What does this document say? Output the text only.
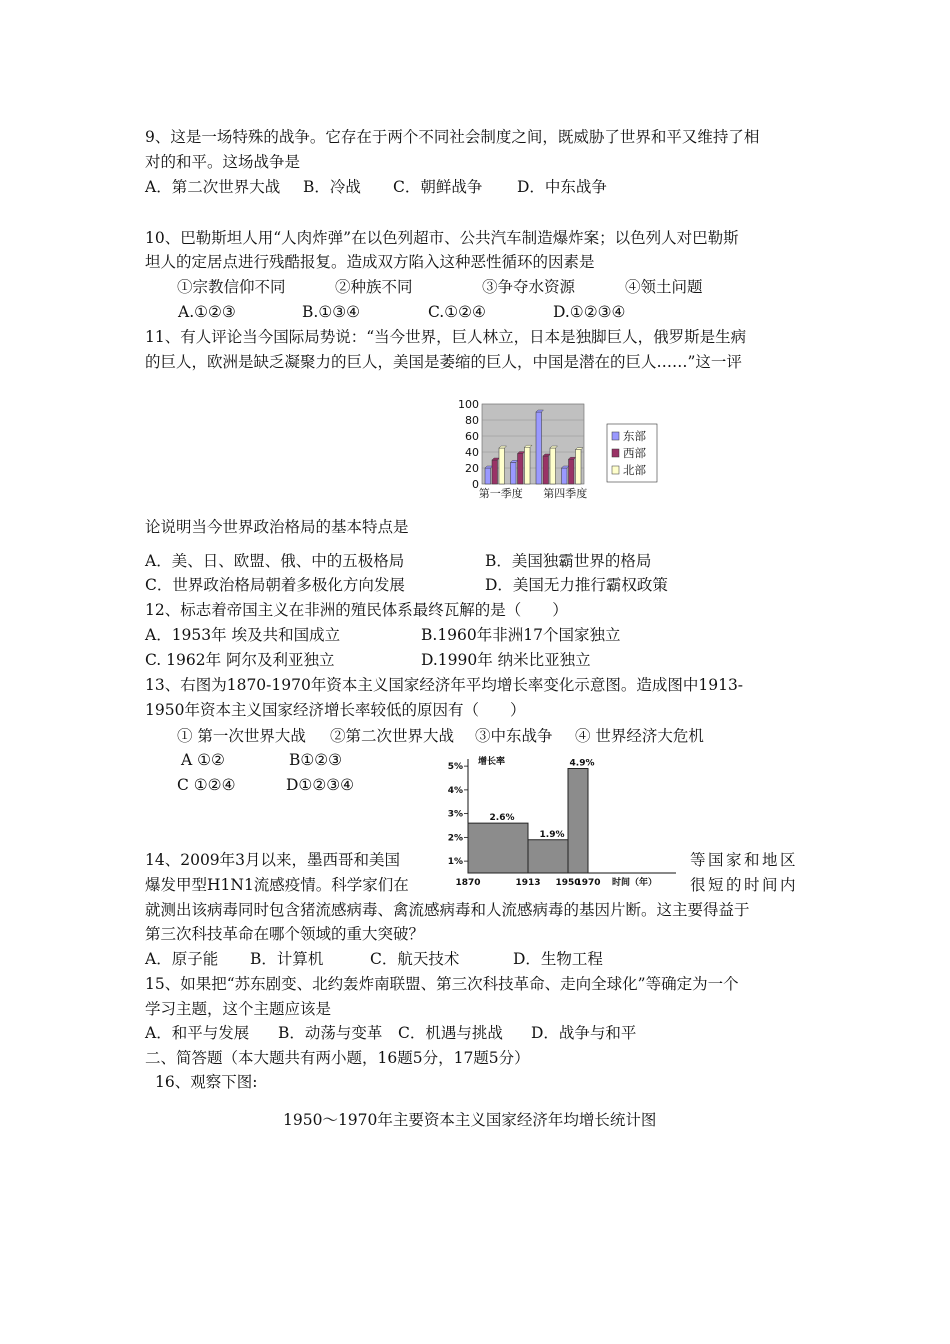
9、这是一场特殊的战争。它存在于两个不同社会制度之间，既威胁了世界和平又维持了相
对的和平。这场战争是
A．第二次世界大战 B．冷战 C．朝鲜战争 D．中东战争
10、巴勒斯坦人用“人肉炸弹”在以色列超市、公共汽车制造爆炸案；以色列人对巴勒斯
坦人的定居点进行残酷报复。造成双方陷入这种恶性循环的因素是
①宗教信仰不同	②种族不同	③争夺水资源	④领土问题
A.①②③	B.①③④	C.①②④	D.①②③④
11、有人评论当今国际局势说：“当今世界，巨人林立，日本是独脚巨人，俄罗斯是生病
的巨人，欧洲是缺乏凝聚力的巨人，美国是萎缩的巨人，中国是潜在的巨人……”这一评
0
20
40
60
80
100
第一季度 第四季度
东部
西部
北部
论说明当今世界政治格局的基本特点是
A．美、日、欧盟、俄、中的五极格局	B．美国独霸世界的格局
C．世界政治格局朝着多极化方向发展	D．美国无力推行霸权政策
12、标志着帝国主义在非洲的殖民体系最终瓦解的是（　　）
A．1953年 埃及共和国成立	B.1960年非洲17个国家独立
C. 1962年 阿尔及利亚独立	D.1990年 纳米比亚独立
13、右图为1870-1970年资本主义国家经济年平均增长率变化示意图。造成图中1913-
1950年资本主义国家经济增长率较低的原因有（　　）
① 第一次世界大战 ②第二次世界大战 ③中东战争 ④ 世界经济大危机
A ①②	B①②③
C ①②④	D①②③④
增长率
1%
2%
3%
4%
5%
2.6%
1.9%
4.9%
1870	1913 1950
1970 时间（年）
14、2009年3月以来，墨西哥和美国	等国家和地区
爆发甲型H1N1流感疫情。科学家们在	很短的时间内
就测出该病毒同时包含猪流感病毒、禽流感病毒和人流感病毒的基因片断。这主要得益于
第三次科技革命在哪个领域的重大突破？
A．原子能 B．计算机	C．航天技术	D．生物工程
15、如果把“苏东剧变、北约轰炸南联盟、第三次科技革命、走向全球化”等确定为一个
学习主题，这个主题应该是
A．和平与发展 B．动荡与变革 C．机遇与挑战 D．战争与和平
二、简答题（本大题共有两小题，16题5分，17题5分）
16、观察下图:
1950～1970年主要资本主义国家经济年均增长统计图
